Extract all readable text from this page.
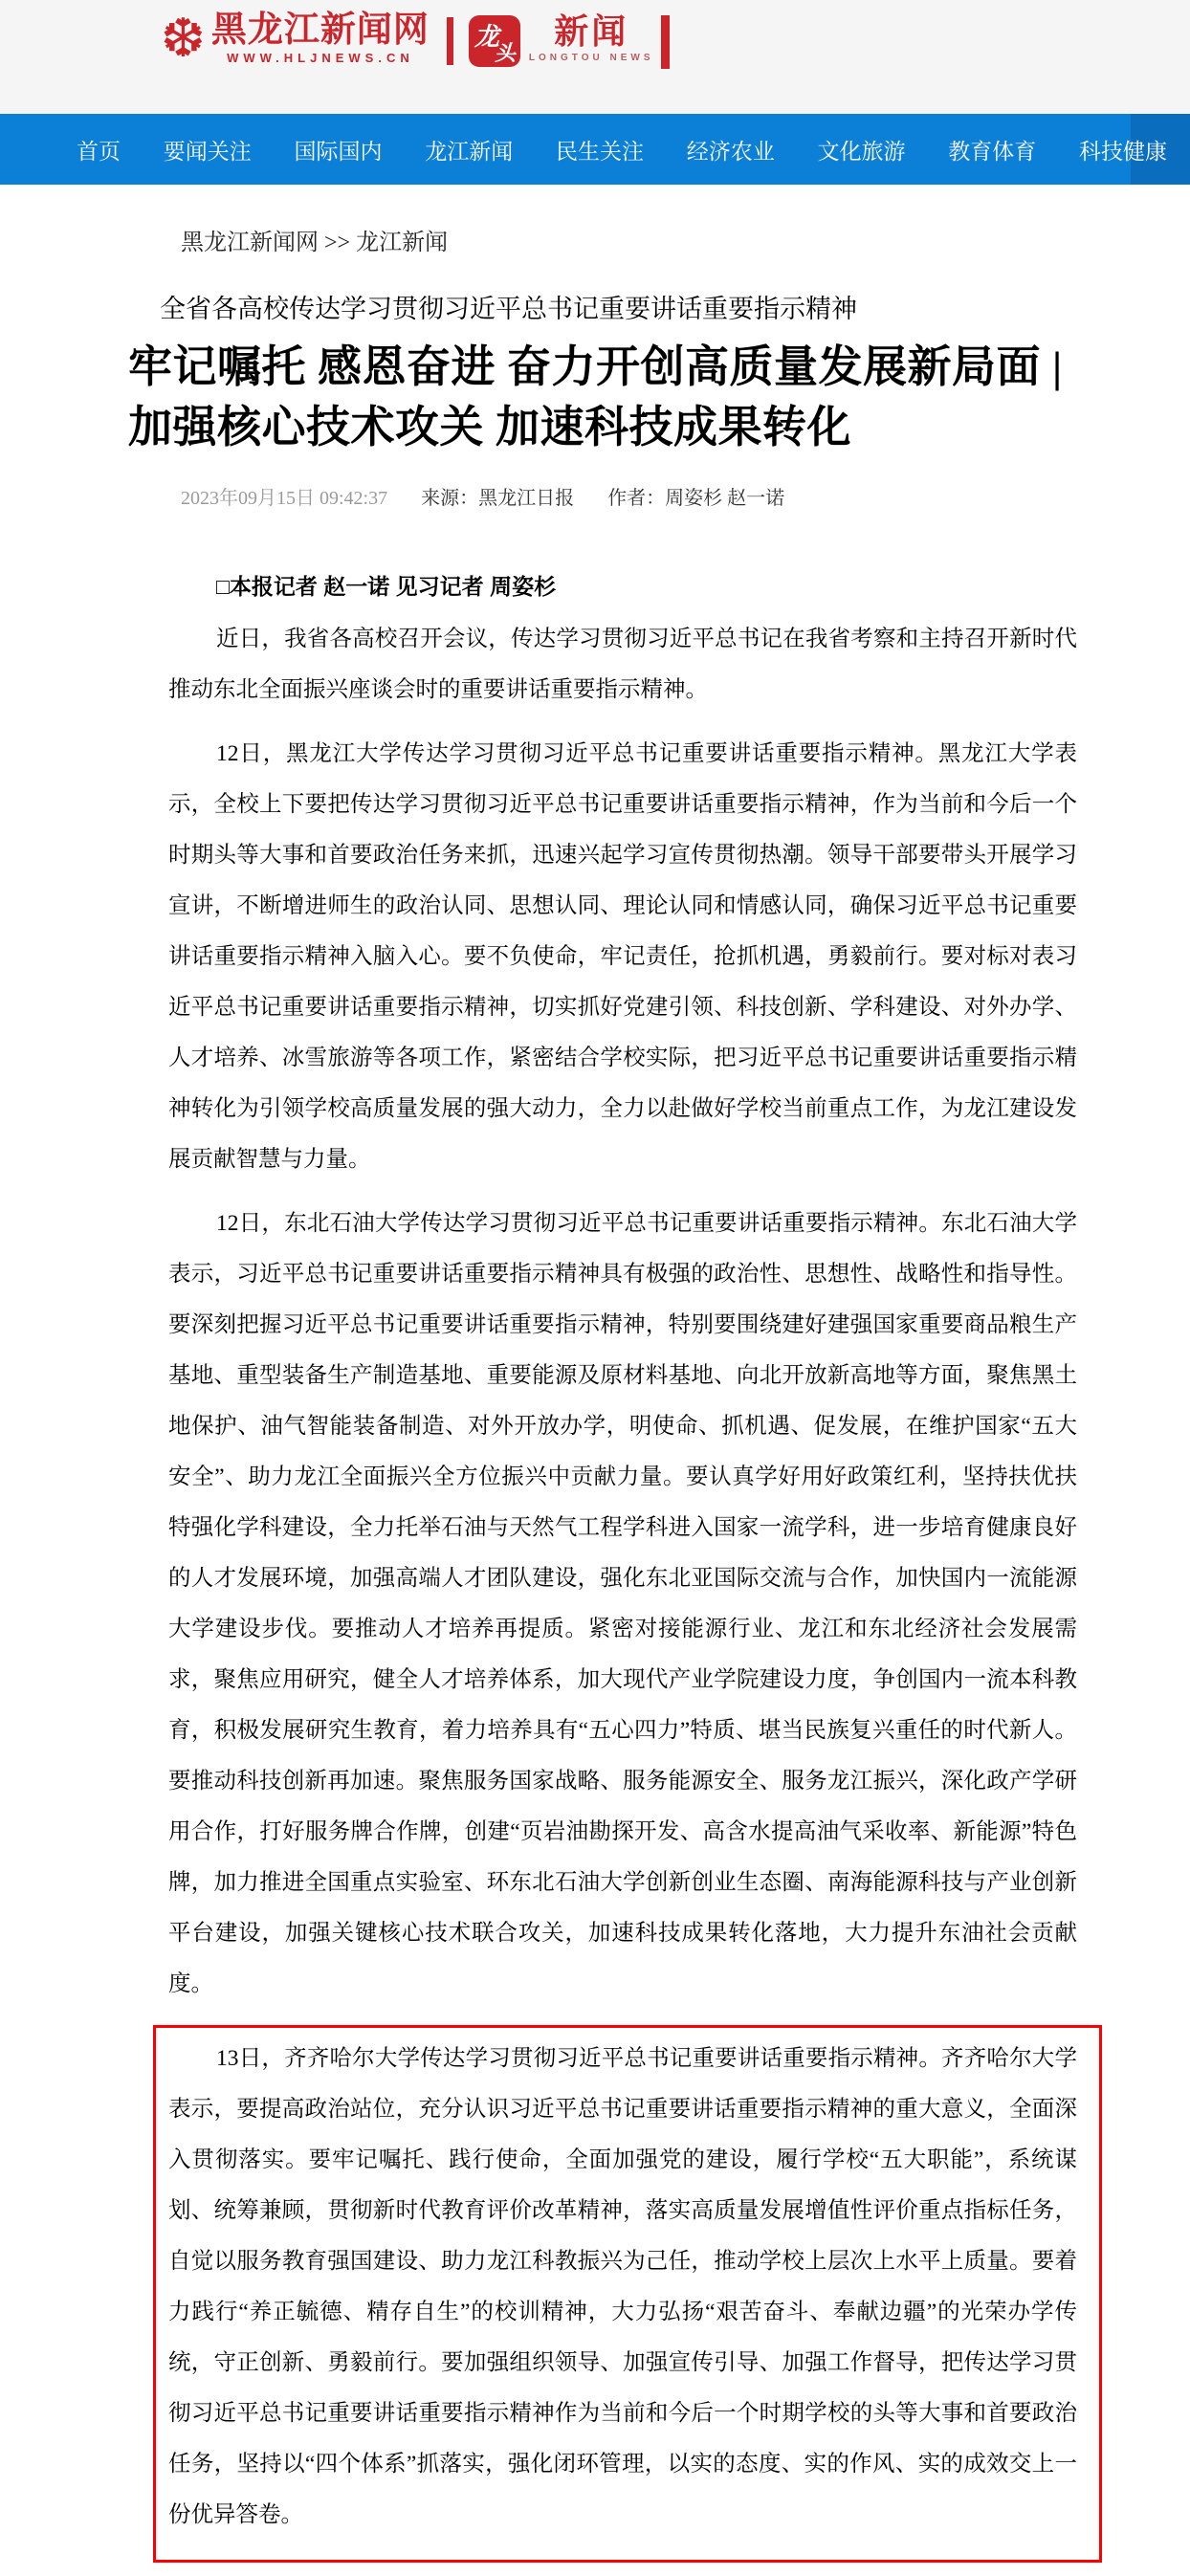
❆ 黑龙江新闻网
WWW.HLJNEWS.CN
龙
头
新闻
LONGTOU NEWS
首页 要闻关注 国际国内 龙江新闻 民生关注 经济农业 文化旅游 教育体育 科技健康
黑龙江新闻网 >> 龙江新闻
全省各高校传达学习贯彻习近平总书记重要讲话重要指示精神
牢记嘱托 感恩奋进 奋力开创高质量发展新局面 |加强核心技术攻关 加速科技成果转化
2023年09月15日 09:42:37 来源：黑龙江日报 作者：周姿杉 赵一诺
□本报记者 赵一诺 见习记者 周姿杉

近日，我省各高校召开会议，传达学习贯彻习近平总书记在我省考察和主持召开新时代推动东北全面振兴座谈会时的重要讲话重要指示精神。

12日，黑龙江大学传达学习贯彻习近平总书记重要讲话重要指示精神。黑龙江大学表示，全校上下要把传达学习贯彻习近平总书记重要讲话重要指示精神，作为当前和今后一个时期头等大事和首要政治任务来抓，迅速兴起学习宣传贯彻热潮。领导干部要带头开展学习宣讲，不断增进师生的政治认同、思想认同、理论认同和情感认同，确保习近平总书记重要讲话重要指示精神入脑入心。要不负使命，牢记责任，抢抓机遇，勇毅前行。要对标对表习近平总书记重要讲话重要指示精神，切实抓好党建引领、科技创新、学科建设、对外办学、人才培养、冰雪旅游等各项工作，紧密结合学校实际，把习近平总书记重要讲话重要指示精神转化为引领学校高质量发展的强大动力，全力以赴做好学校当前重点工作，为龙江建设发展贡献智慧与力量。

12日，东北石油大学传达学习贯彻习近平总书记重要讲话重要指示精神。东北石油大学表示，习近平总书记重要讲话重要指示精神具有极强的政治性、思想性、战略性和指导性。要深刻把握习近平总书记重要讲话重要指示精神，特别要围绕建好建强国家重要商品粮生产基地、重型装备生产制造基地、重要能源及原材料基地、向北开放新高地等方面，聚焦黑土地保护、油气智能装备制造、对外开放办学，明使命、抓机遇、促发展，在维护国家“五大安全”、助力龙江全面振兴全方位振兴中贡献力量。要认真学好用好政策红利，坚持扶优扶特强化学科建设，全力托举石油与天然气工程学科进入国家一流学科，进一步培育健康良好的人才发展环境，加强高端人才团队建设，强化东北亚国际交流与合作，加快国内一流能源大学建设步伐。要推动人才培养再提质。紧密对接能源行业、龙江和东北经济社会发展需求，聚焦应用研究，健全人才培养体系，加大现代产业学院建设力度，争创国内一流本科教育，积极发展研究生教育，着力培养具有“五心四力”特质、堪当民族复兴重任的时代新人。要推动科技创新再加速。聚焦服务国家战略、服务能源安全、服务龙江振兴，深化政产学研用合作，打好服务牌合作牌，创建“页岩油勘探开发、高含水提高油气采收率、新能源”特色牌，加力推进全国重点实验室、环东北石油大学创新创业生态圈、南海能源科技与产业创新平台建设，加强关键核心技术联合攻关，加速科技成果转化落地，大力提升东油社会贡献度。

13日，齐齐哈尔大学传达学习贯彻习近平总书记重要讲话重要指示精神。齐齐哈尔大学表示，要提高政治站位，充分认识习近平总书记重要讲话重要指示精神的重大意义，全面深入贯彻落实。要牢记嘱托、践行使命，全面加强党的建设，履行学校“五大职能”，系统谋划、统筹兼顾，贯彻新时代教育评价改革精神，落实高质量发展增值性评价重点指标任务，自觉以服务教育强国建设、助力龙江科教振兴为己任，推动学校上层次上水平上质量。要着力践行“养正毓德、精存自生”的校训精神，大力弘扬“艰苦奋斗、奉献边疆”的光荣办学传统，守正创新、勇毅前行。要加强组织领导、加强宣传引导、加强工作督导，把传达学习贯彻习近平总书记重要讲话重要指示精神作为当前和今后一个时期学校的头等大事和首要政治任务，坚持以“四个体系”抓落实，强化闭环管理，以实的态度、实的作风、实的成效交上一份优异答卷。
